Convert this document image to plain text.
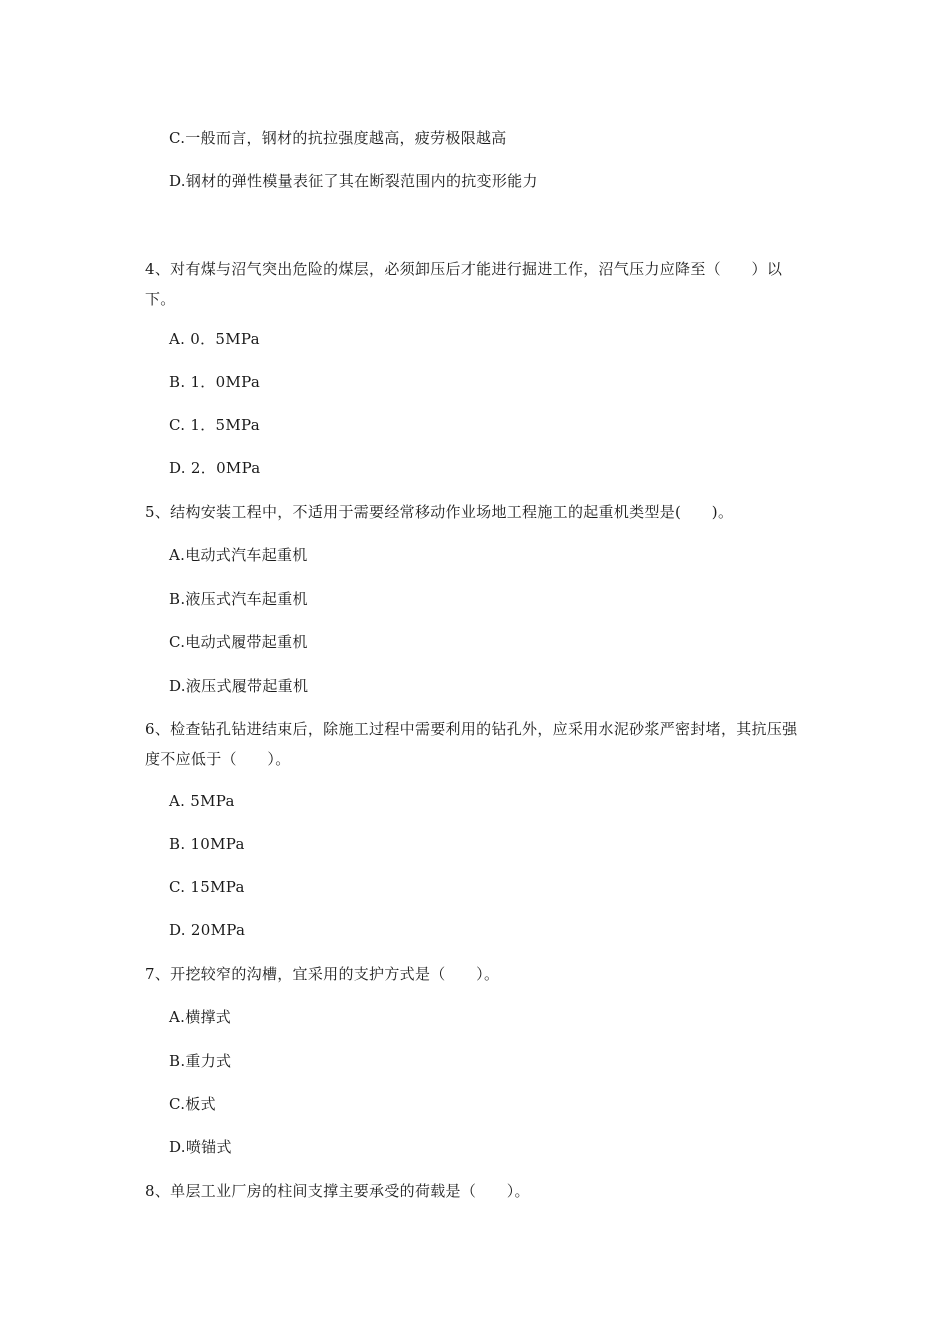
C.一般而言，钢材的抗拉强度越高，疲劳极限越高
D.钢材的弹性模量表征了其在断裂范围内的抗变形能力
4、对有煤与沼气突出危险的煤层，必须卸压后才能进行掘进工作，沼气压力应降至（　　）以下。
A. 0．5MPa
B. 1．0MPa
C. 1．5MPa
D. 2．0MPa
5、结构安装工程中，不适用于需要经常移动作业场地工程施工的起重机类型是(　　)。
A.电动式汽车起重机
B.液压式汽车起重机
C.电动式履带起重机
D.液压式履带起重机
6、检查钻孔钻进结束后，除施工过程中需要利用的钻孔外，应采用水泥砂浆严密封堵，其抗压强度不应低于（　　）。
A. 5MPa
B. 10MPa
C. 15MPa
D. 20MPa
7、开挖较窄的沟槽，宜采用的支护方式是（　　）。
A.横撑式
B.重力式
C.板式
D.喷锚式
8、单层工业厂房的柱间支撑主要承受的荷载是（　　）。
